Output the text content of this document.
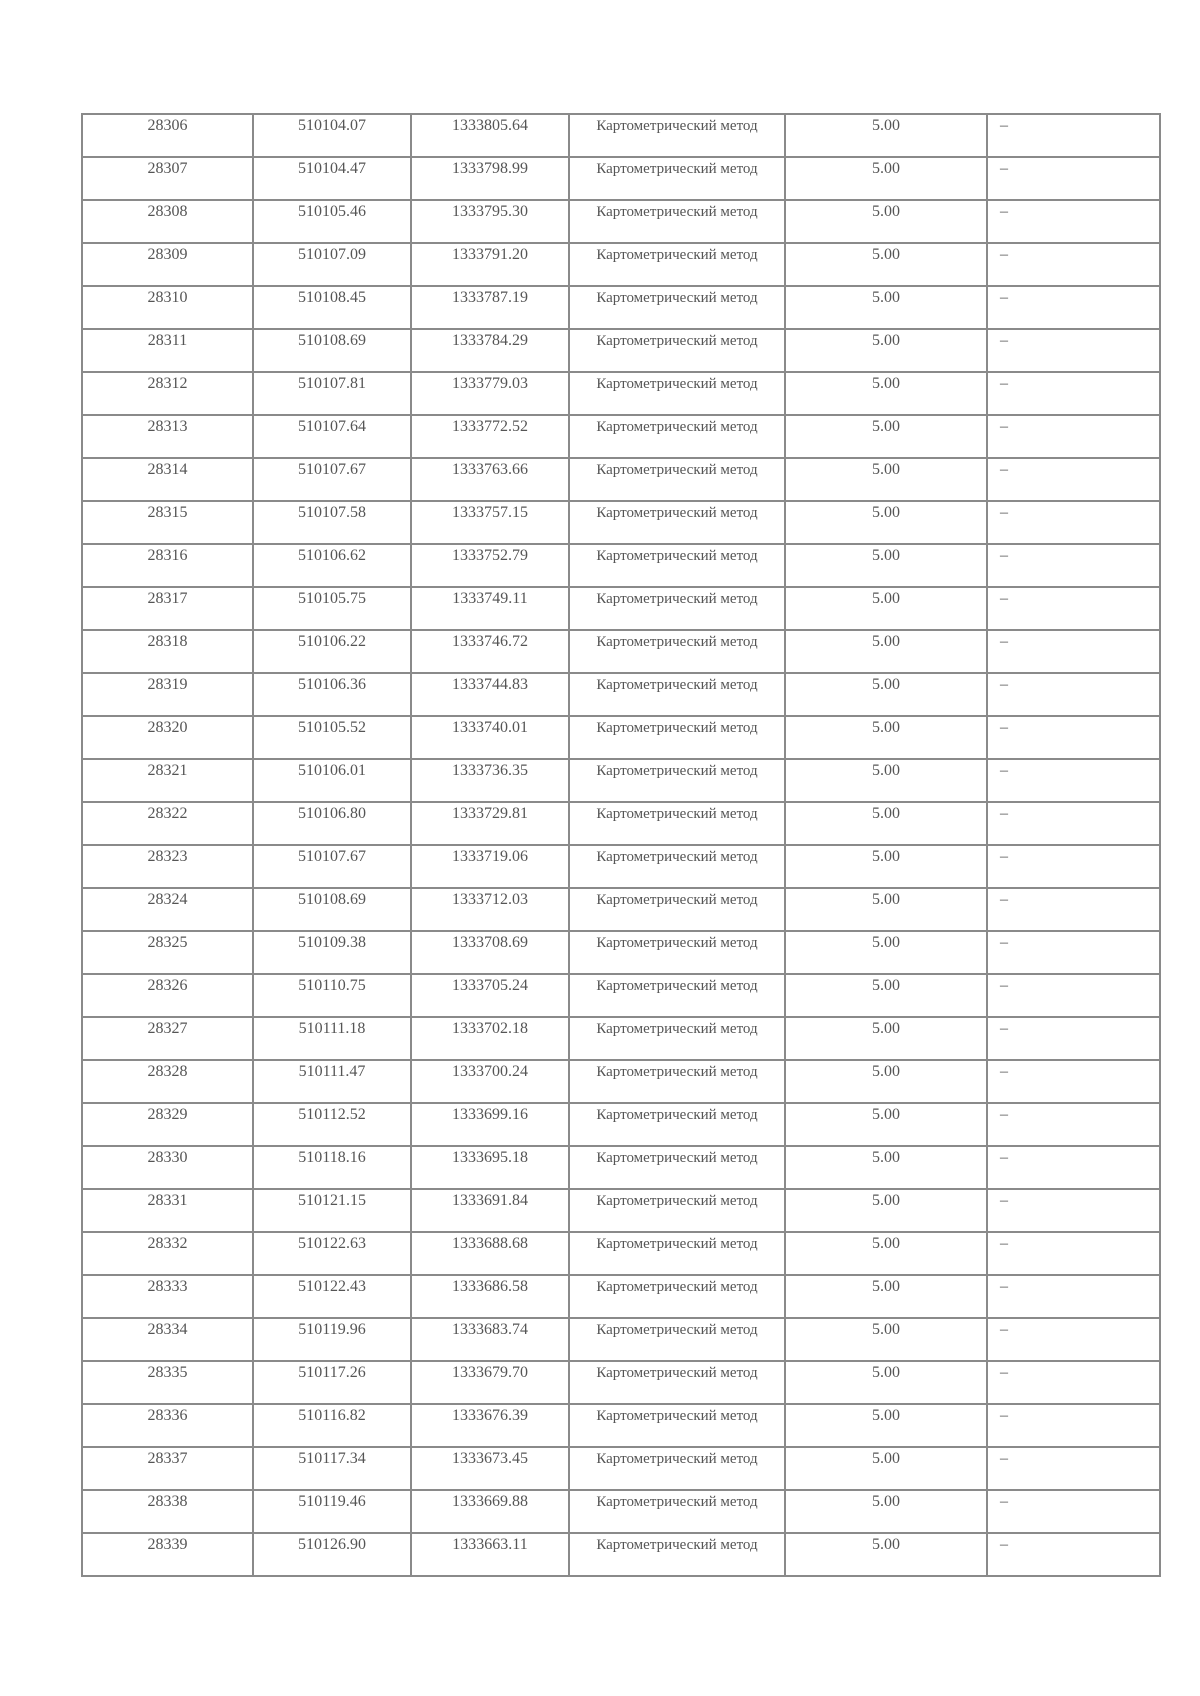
28306	510104.07	1333805.64	Картометрический метод	5.00	–
28307	510104.47	1333798.99	Картометрический метод	5.00	–
28308	510105.46	1333795.30	Картометрический метод	5.00	–
28309	510107.09	1333791.20	Картометрический метод	5.00	–
28310	510108.45	1333787.19	Картометрический метод	5.00	–
28311	510108.69	1333784.29	Картометрический метод	5.00	–
28312	510107.81	1333779.03	Картометрический метод	5.00	–
28313	510107.64	1333772.52	Картометрический метод	5.00	–
28314	510107.67	1333763.66	Картометрический метод	5.00	–
28315	510107.58	1333757.15	Картометрический метод	5.00	–
28316	510106.62	1333752.79	Картометрический метод	5.00	–
28317	510105.75	1333749.11	Картометрический метод	5.00	–
28318	510106.22	1333746.72	Картометрический метод	5.00	–
28319	510106.36	1333744.83	Картометрический метод	5.00	–
28320	510105.52	1333740.01	Картометрический метод	5.00	–
28321	510106.01	1333736.35	Картометрический метод	5.00	–
28322	510106.80	1333729.81	Картометрический метод	5.00	–
28323	510107.67	1333719.06	Картометрический метод	5.00	–
28324	510108.69	1333712.03	Картометрический метод	5.00	–
28325	510109.38	1333708.69	Картометрический метод	5.00	–
28326	510110.75	1333705.24	Картометрический метод	5.00	–
28327	510111.18	1333702.18	Картометрический метод	5.00	–
28328	510111.47	1333700.24	Картометрический метод	5.00	–
28329	510112.52	1333699.16	Картометрический метод	5.00	–
28330	510118.16	1333695.18	Картометрический метод	5.00	–
28331	510121.15	1333691.84	Картометрический метод	5.00	–
28332	510122.63	1333688.68	Картометрический метод	5.00	–
28333	510122.43	1333686.58	Картометрический метод	5.00	–
28334	510119.96	1333683.74	Картометрический метод	5.00	–
28335	510117.26	1333679.70	Картометрический метод	5.00	–
28336	510116.82	1333676.39	Картометрический метод	5.00	–
28337	510117.34	1333673.45	Картометрический метод	5.00	–
28338	510119.46	1333669.88	Картометрический метод	5.00	–
28339	510126.90	1333663.11	Картометрический метод	5.00	–
